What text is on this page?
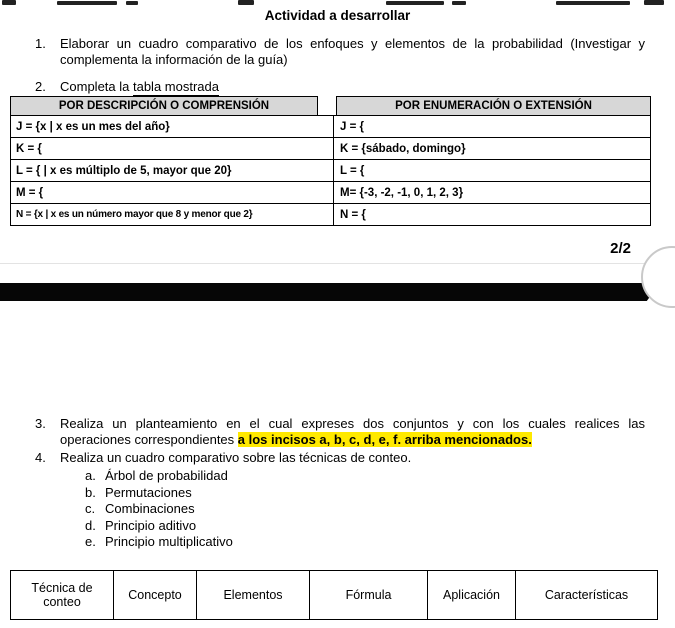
Actividad a desarrollar
1.	Elaborar un cuadro comparativo de los enfoques y elementos de la probabilidad (Investigar y
complementa la información de la guía)
2.	Completa la tabla mostrada
POR DESCRIPCIÓN O COMPRENSIÓN	POR ENUMERACIÓN O EXTENSIÓN
J = {x | x es un mes del año}	J = {
K = {	K = {sábado, domingo}
L = { | x es múltiplo de 5, mayor que 20}	L = {
M = {	M= {-3, -2, -1, 0, 1, 2, 3}
N = {x | x es un número mayor que 8 y menor que 2}	N = {
2/2
3.	Realiza un planteamiento en el cual expreses dos conjuntos y con los cuales realices las
operaciones correspondientes a los incisos a, b, c, d, e, f. arriba mencionados.
4.	Realiza un cuadro comparativo sobre las técnicas de conteo.
a. Árbol de probabilidad
b. Permutaciones
c. Combinaciones
d. Principio aditivo
e. Principio multiplicativo
Técnica de conteo	Concepto	Elementos	Fórmula	Aplicación	Características
